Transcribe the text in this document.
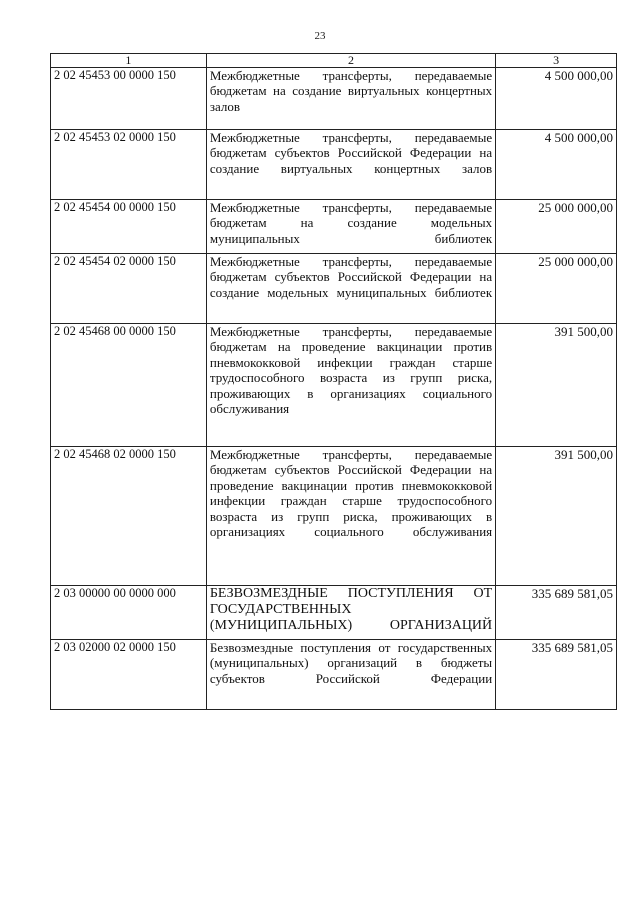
23
1	2	3
2 02 45453 00 0000 150	Межбюджетные трансферты, передаваемые бюджетам на создание виртуальных концертных залов	4 500 000,00
2 02 45453 02 0000 150	Межбюджетные трансферты, передаваемые бюджетам субъектов Российской Федерации на создание виртуальных концертных залов	4 500 000,00
2 02 45454 00 0000 150	Межбюджетные трансферты, передаваемые бюджетам на создание модельных муниципальных библиотек	25 000 000,00
2 02 45454 02 0000 150	Межбюджетные трансферты, передаваемые бюджетам субъектов Российской Федерации на создание модельных муниципальных библиотек	25 000 000,00
2 02 45468 00 0000 150	Межбюджетные трансферты, передаваемые бюджетам на проведение вакцинации против пневмококковой инфекции граждан старше трудоспособного возраста из групп риска, проживающих в организациях социального обслуживания	391 500,00
2 02 45468 02 0000 150	Межбюджетные трансферты, передаваемые бюджетам субъектов Российской Федерации на проведение вакцинации против пневмококковой инфекции граждан старше трудоспособного возраста из групп риска, проживающих в организациях социального обслуживания	391 500,00
2 03 00000 00 0000 000	БЕЗВОЗМЕЗДНЫЕ ПОСТУПЛЕНИЯ ОТ ГОСУДАРСТВЕННЫХ (МУНИЦИПАЛЬНЫХ) ОРГАНИЗАЦИЙ	335 689 581,05
2 03 02000 02 0000 150	Безвозмездные поступления от государственных (муниципальных) организаций в бюджеты субъектов Российской Федерации	335 689 581,05
